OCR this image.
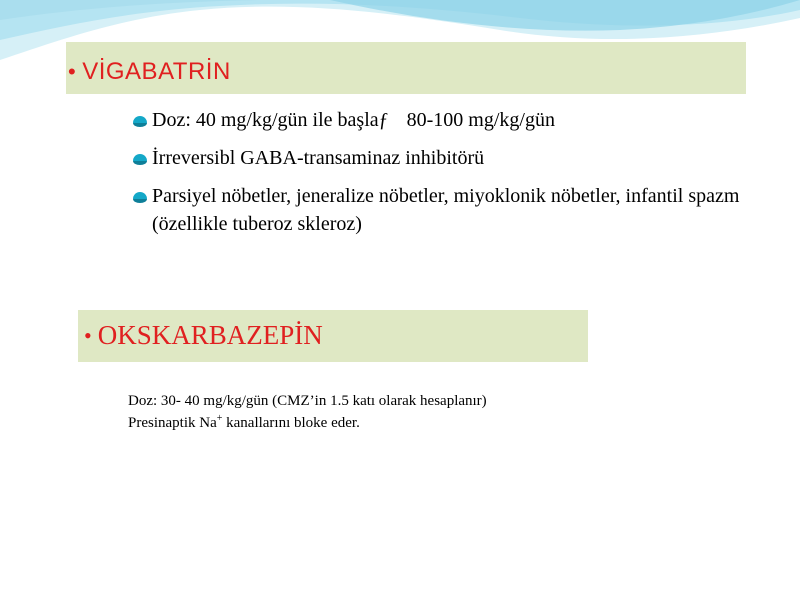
• VİGABATRİN
Doz: 40 mg/kg/gün ile başlaƒ 80-100 mg/kg/gün
İrreversibl GABA-transaminaz inhibitörü
Parsiyel nöbetler, jeneralize nöbetler, miyoklonik nöbetler, infantil spazm (özellikle tuberoz skleroz)
• OKSKARBAZEPİN
Doz: 30- 40 mg/kg/gün (CMZ’in 1.5 katı olarak hesaplanır)
Presinaptik Na+ kanallarını bloke eder.
